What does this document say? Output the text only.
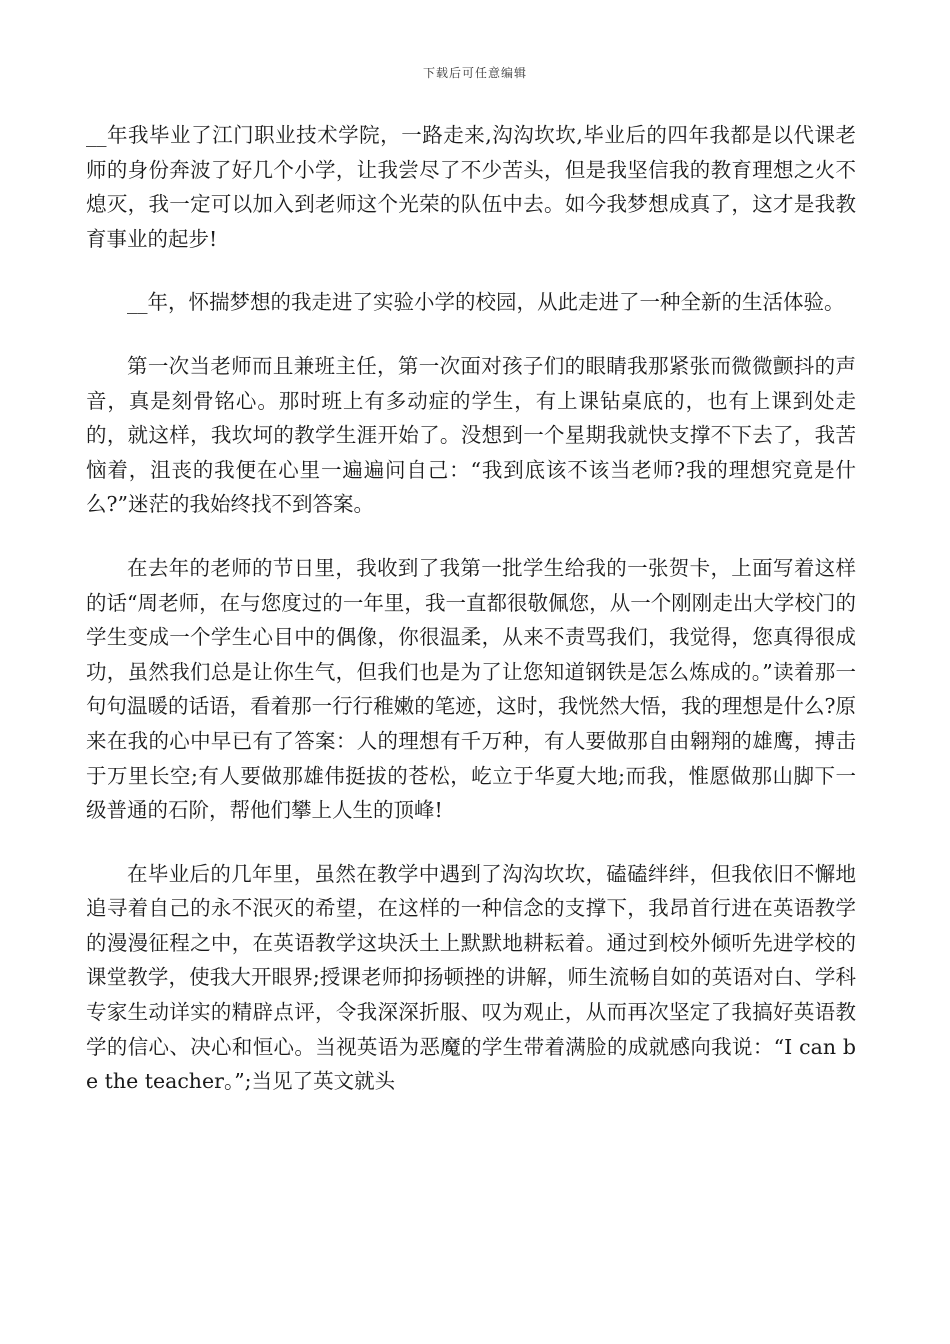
下载后可任意编辑

__年我毕业了江门职业技术学院，一路走来,沟沟坎坎,毕业后的四年我都是以代课老师的身份奔波了好几个小学，让我尝尽了不少苦头，但是我坚信我的教育理想之火不熄灭，我一定可以加入到老师这个光荣的队伍中去。如今我梦想成真了，这才是我教育事业的起步!

__年，怀揣梦想的我走进了实验小学的校园，从此走进了一种全新的生活体验。

第一次当老师而且兼班主任，第一次面对孩子们的眼睛我那紧张而微微颤抖的声音，真是刻骨铭心。那时班上有多动症的学生，有上课钻桌底的，也有上课到处走的，就这样，我坎坷的教学生涯开始了。没想到一个星期我就快支撑不下去了，我苦恼着，沮丧的我便在心里一遍遍问自己：“我到底该不该当老师?我的理想究竟是什么?”迷茫的我始终找不到答案。

在去年的老师的节日里，我收到了我第一批学生给我的一张贺卡，上面写着这样的话“周老师，在与您度过的一年里，我一直都很敬佩您，从一个刚刚走出大学校门的学生变成一个学生心目中的偶像，你很温柔，从来不责骂我们，我觉得，您真得很成功，虽然我们总是让你生气，但我们也是为了让您知道钢铁是怎么炼成的。”读着那一句句温暖的话语，看着那一行行稚嫩的笔迹，这时，我恍然大悟，我的理想是什么?原来在我的心中早已有了答案：人的理想有千万种，有人要做那自由翱翔的雄鹰，搏击于万里长空;有人要做那雄伟挺拔的苍松，屹立于华夏大地;而我，惟愿做那山脚下一级普通的石阶，帮他们攀上人生的顶峰!

在毕业后的几年里，虽然在教学中遇到了沟沟坎坎，磕磕绊绊，但我依旧不懈地追寻着自己的永不泯灭的希望，在这样的一种信念的支撑下，我昂首行进在英语教学的漫漫征程之中，在英语教学这块沃土上默默地耕耘着。通过到校外倾听先进学校的课堂教学，使我大开眼界;授课老师抑扬顿挫的讲解，师生流畅自如的英语对白、学科专家生动详实的精辟点评，令我深深折服、叹为观止，从而再次坚定了我搞好英语教学的信心、决心和恒心。当视英语为恶魔的学生带着满脸的成就感向我说：“I can be the teacher。”;当见了英文就头
